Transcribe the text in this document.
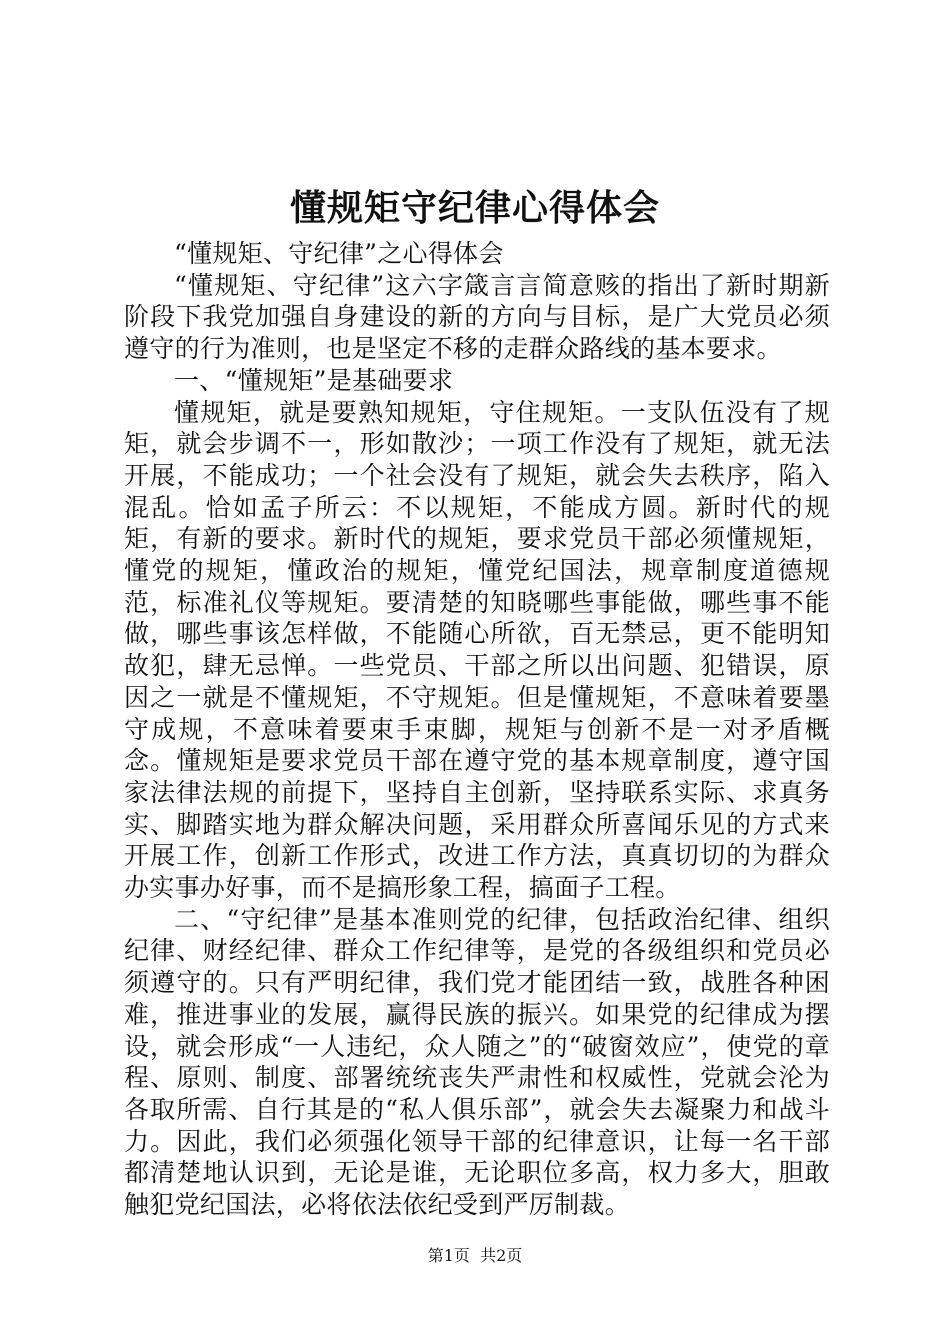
懂规矩守纪律心得体会

“懂规矩、守纪律”之心得体会

“懂规矩、守纪律”这六字箴言言简意赅的指出了新时期新阶段下我党加强自身建设的新的方向与目标，是广大党员必须遵守的行为准则，也是坚定不移的走群众路线的基本要求。

一、“懂规矩”是基础要求

懂规矩，就是要熟知规矩，守住规矩。一支队伍没有了规矩，就会步调不一，形如散沙；一项工作没有了规矩，就无法开展，不能成功；一个社会没有了规矩，就会失去秩序，陷入混乱。恰如孟子所云：不以规矩，不能成方圆。新时代的规矩，有新的要求。新时代的规矩，要求党员干部必须懂规矩，懂党的规矩，懂政治的规矩，懂党纪国法，规章制度道德规范，标准礼仪等规矩。要清楚的知晓哪些事能做，哪些事不能做，哪些事该怎样做，不能随心所欲，百无禁忌，更不能明知故犯，肆无忌惮。一些党员、干部之所以出问题、犯错误，原因之一就是不懂规矩，不守规矩。但是懂规矩，不意味着要墨守成规，不意味着要束手束脚，规矩与创新不是一对矛盾概念。懂规矩是要求党员干部在遵守党的基本规章制度，遵守国家法律法规的前提下，坚持自主创新，坚持联系实际、求真务实、脚踏实地为群众解决问题，采用群众所喜闻乐见的方式来开展工作，创新工作形式，改进工作方法，真真切切的为群众办实事办好事，而不是搞形象工程，搞面子工程。

二、“守纪律”是基本准则党的纪律，包括政治纪律、组织纪律、财经纪律、群众工作纪律等，是党的各级组织和党员必须遵守的。只有严明纪律，我们党才能团结一致，战胜各种困难，推进事业的发展，赢得民族的振兴。如果党的纪律成为摆设，就会形成“一人违纪，众人随之”的“破窗效应”，使党的章程、原则、制度、部署统统丧失严肃性和权威性，党就会沦为各取所需、自行其是的“私人俱乐部”，就会失去凝聚力和战斗力。因此，我们必须强化领导干部的纪律意识，让每一名干部都清楚地认识到，无论是谁，无论职位多高，权力多大，胆敢触犯党纪国法，必将依法依纪受到严厉制裁。

第1页 共2页
